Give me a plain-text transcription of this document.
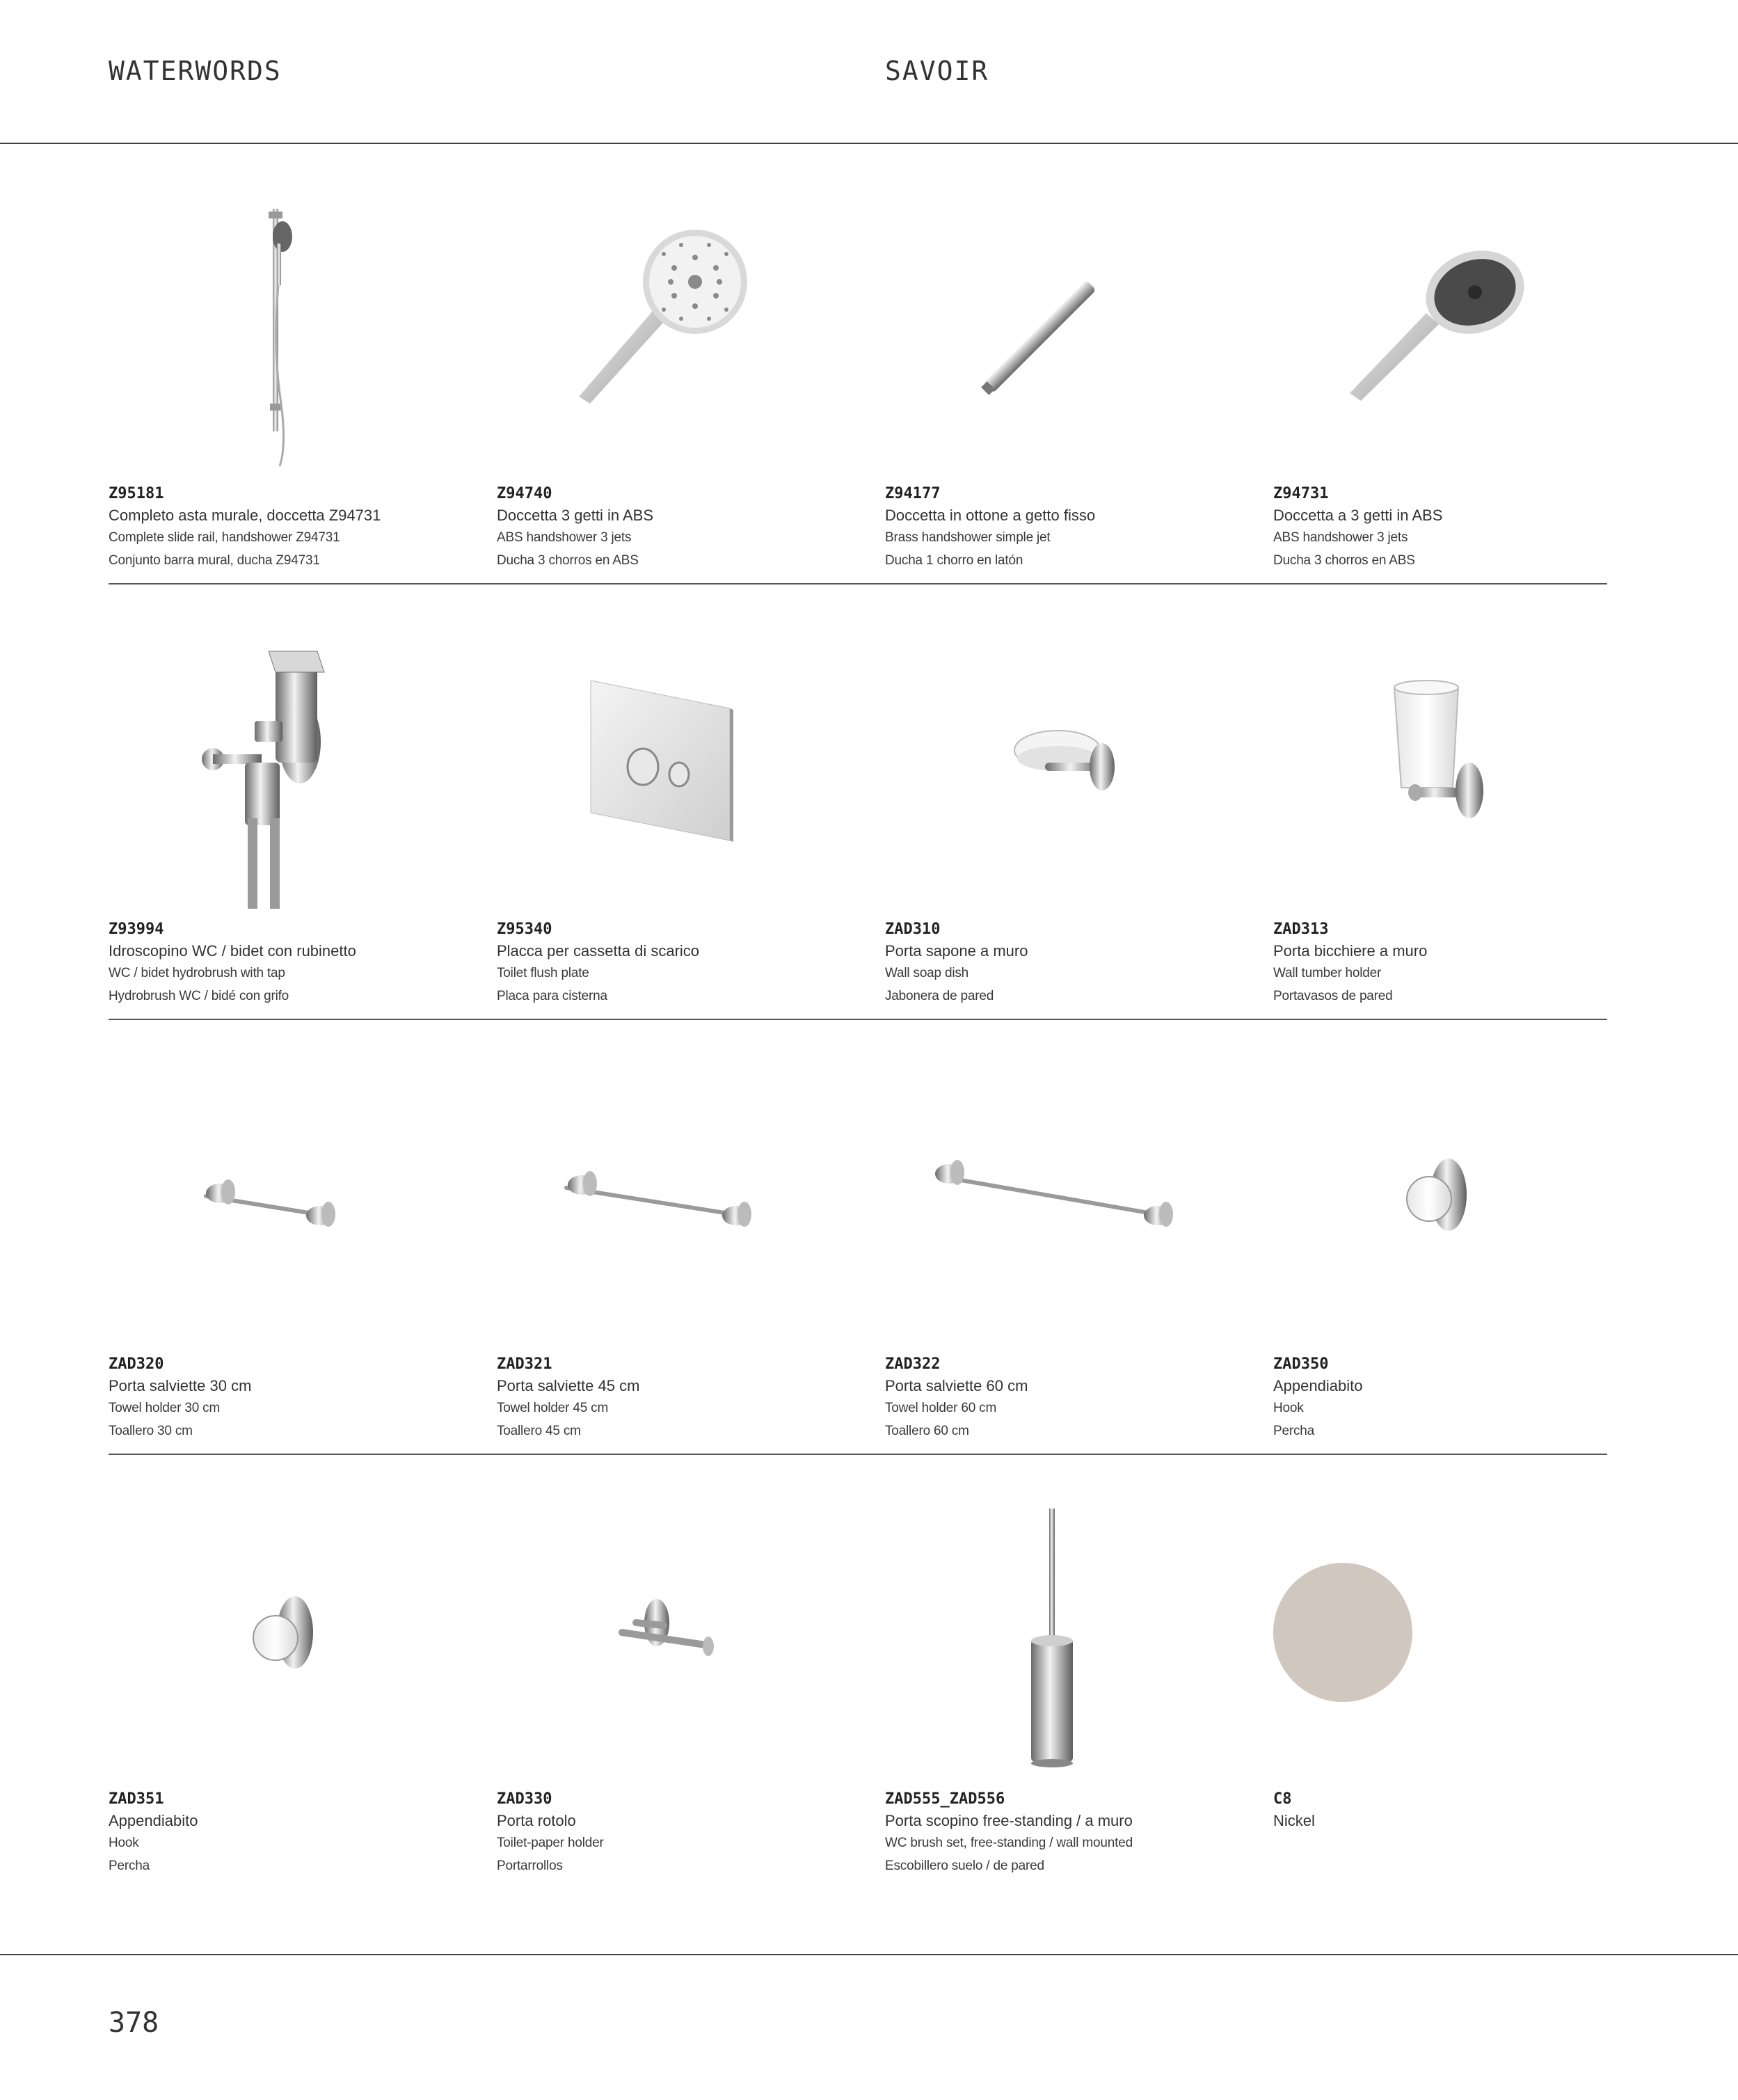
WATERWORDS	SAVOIR
Z95181
Completo asta murale, doccetta Z94731
Complete slide rail, handshower Z94731
Conjunto barra mural, ducha Z94731
Z94740
Doccetta 3 getti in ABS
ABS handshower 3 jets
Ducha 3 chorros en ABS
Z94177
Doccetta in ottone a getto fisso
Brass handshower simple jet
Ducha 1 chorro en latón
Z94731
Doccetta a 3 getti in ABS
ABS handshower 3 jets
Ducha 3 chorros en ABS
Z93994
Idroscopino WC / bidet con rubinetto
WC / bidet hydrobrush with tap
Hydrobrush WC / bidé con grifo
Z95340
Placca per cassetta di scarico
Toilet flush plate
Placa para cisterna
ZAD310
Porta sapone a muro
Wall soap dish
Jabonera de pared
ZAD313
Porta bicchiere a muro
Wall tumber holder
Portavasos de pared
ZAD320
Porta salviette 30 cm
Towel holder 30 cm
Toallero 30 cm
ZAD321
Porta salviette 45 cm
Towel holder 45 cm
Toallero 45 cm
ZAD322
Porta salviette 60 cm
Towel holder 60 cm
Toallero 60 cm
ZAD350
Appendiabito
Hook
Percha
ZAD351
Appendiabito
Hook
Percha
ZAD330
Porta rotolo
Toilet-paper holder
Portarrollos
ZAD555_ZAD556
Porta scopino free-standing / a muro
WC brush set, free-standing / wall mounted
Escobillero suelo / de pared
C8
Nickel
378
